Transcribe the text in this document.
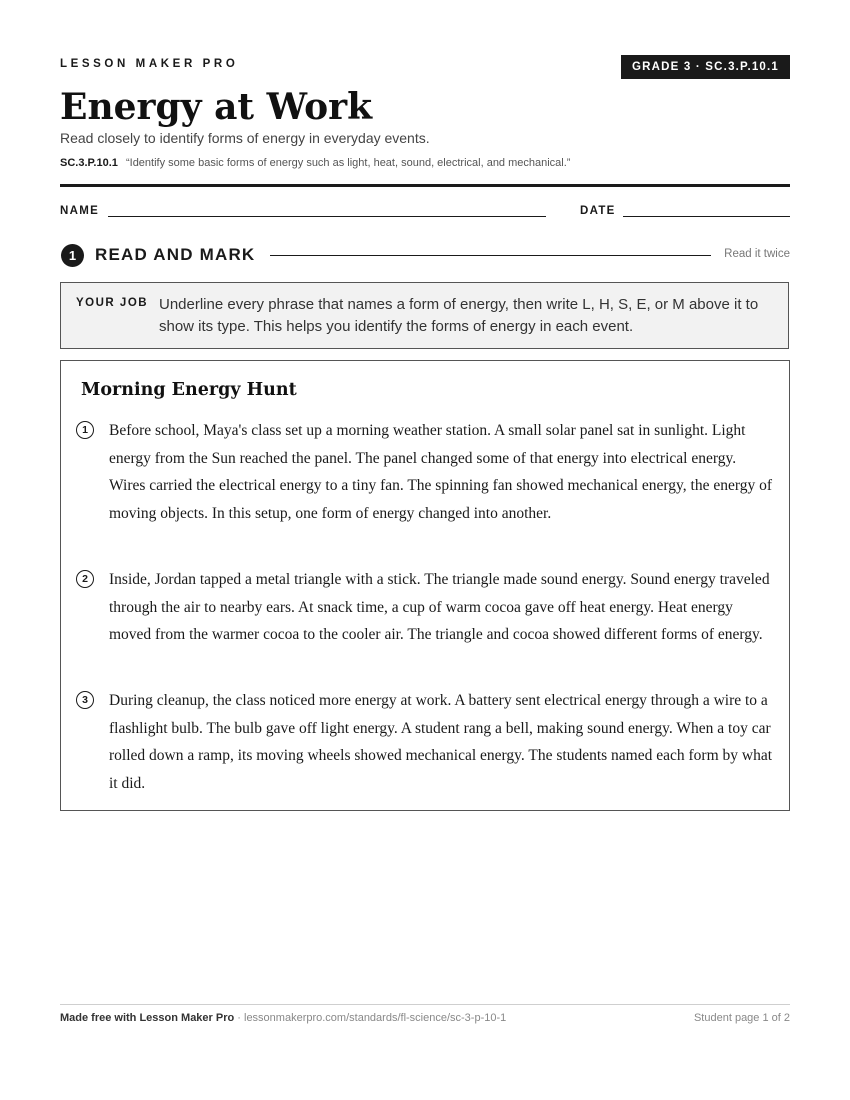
LESSON MAKER PRO	GRADE 3 · SC.3.P.10.1
Energy at Work
Read closely to identify forms of energy in everyday events.
SC.3.P.10.1 “Identify some basic forms of energy such as light, heat, sound, electrical, and mechanical.”
NAME	DATE
1	READ AND MARK	Read it twice
YOUR JOB Underline every phrase that names a form of energy, then write L, H, S, E, or M above it to show its type. This helps you identify the forms of energy in each event.
Morning Energy Hunt
1	Before school, Maya's class set up a morning weather station. A small solar panel sat in sunlight. Light energy from the Sun reached the panel. The panel changed some of that energy into electrical energy. Wires carried the electrical energy to a tiny fan. The spinning fan showed mechanical energy, the energy of moving objects. In this setup, one form of energy changed into another.

2	Inside, Jordan tapped a metal triangle with a stick. The triangle made sound energy. Sound energy traveled through the air to nearby ears. At snack time, a cup of warm cocoa gave off heat energy. Heat energy moved from the warmer cocoa to the cooler air. The triangle and cocoa showed different forms of energy.

3	During cleanup, the class noticed more energy at work. A battery sent electrical energy through a wire to a flashlight bulb. The bulb gave off light energy. A student rang a bell, making sound energy. When a toy car rolled down a ramp, its moving wheels showed mechanical energy. The students named each form by what it did.

Made free with Lesson Maker Pro · lessonmakerpro.com/standards/fl-science/sc-3-p-10-1	Student page 1 of 2
